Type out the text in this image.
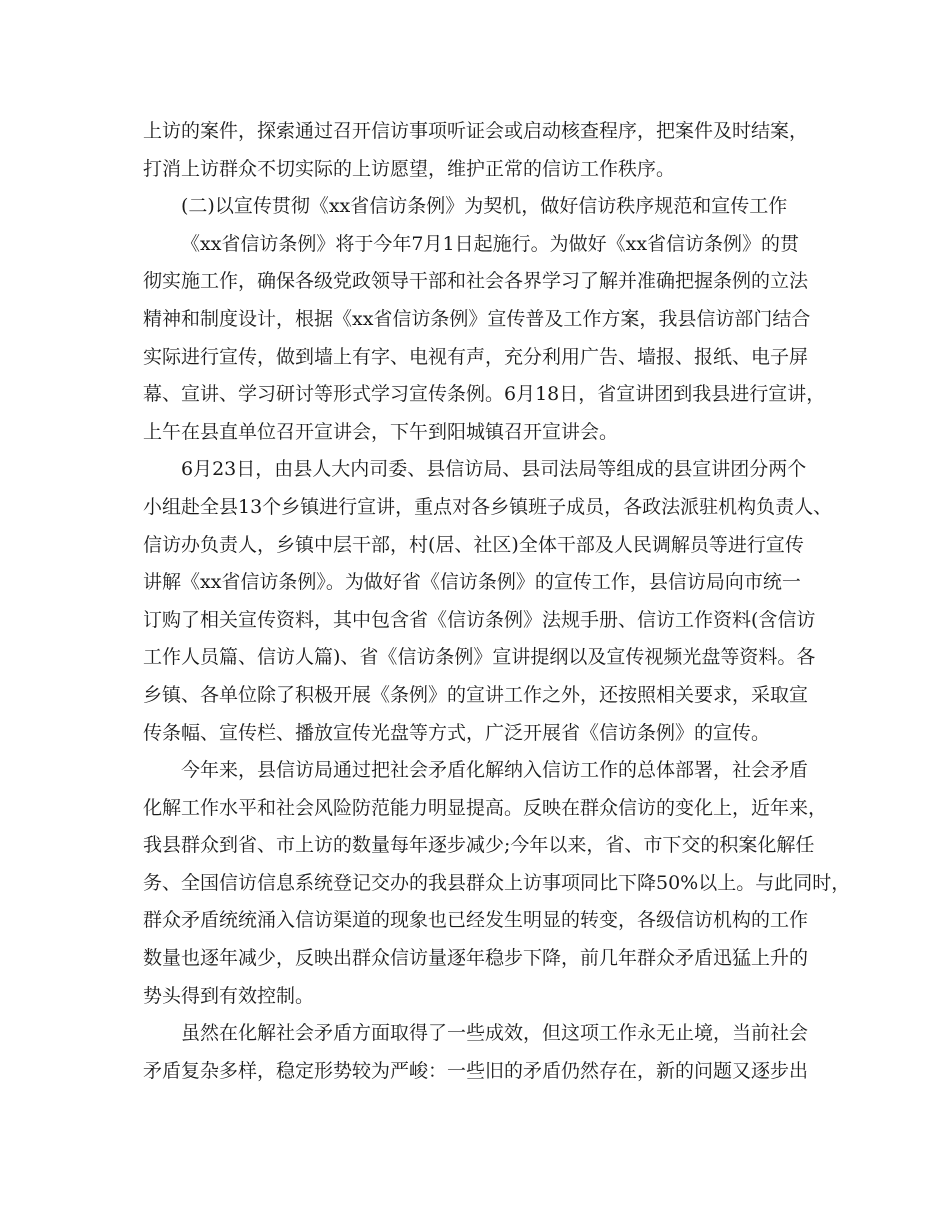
上访的案件，探索通过召开信访事项听证会或启动核查程序，把案件及时结案，
打消上访群众不切实际的上访愿望，维护正常的信访工作秩序。
(二)以宣传贯彻《xx省信访条例》为契机，做好信访秩序规范和宣传工作
《xx省信访条例》将于今年7月1日起施行。为做好《xx省信访条例》的贯
彻实施工作，确保各级党政领导干部和社会各界学习了解并准确把握条例的立法
精神和制度设计，根据《xx省信访条例》宣传普及工作方案，我县信访部门结合
实际进行宣传，做到墙上有字、电视有声，充分利用广告、墙报、报纸、电子屏
幕、宣讲、学习研讨等形式学习宣传条例。6月18日，省宣讲团到我县进行宣讲，
上午在县直单位召开宣讲会，下午到阳城镇召开宣讲会。
6月23日，由县人大内司委、县信访局、县司法局等组成的县宣讲团分两个
小组赴全县13个乡镇进行宣讲，重点对各乡镇班子成员，各政法派驻机构负责人、
信访办负责人，乡镇中层干部，村(居、社区)全体干部及人民调解员等进行宣传
讲解《xx省信访条例》。为做好省《信访条例》的宣传工作，县信访局向市统一
订购了相关宣传资料，其中包含省《信访条例》法规手册、信访工作资料(含信访
工作人员篇、信访人篇)、省《信访条例》宣讲提纲以及宣传视频光盘等资料。各
乡镇、各单位除了积极开展《条例》的宣讲工作之外，还按照相关要求，采取宣
传条幅、宣传栏、播放宣传光盘等方式，广泛开展省《信访条例》的宣传。
今年来，县信访局通过把社会矛盾化解纳入信访工作的总体部署，社会矛盾
化解工作水平和社会风险防范能力明显提高。反映在群众信访的变化上，近年来，
我县群众到省、市上访的数量每年逐步减少;今年以来，省、市下交的积案化解任
务、全国信访信息系统登记交办的我县群众上访事项同比下降50%以上。与此同时，
群众矛盾统统涌入信访渠道的现象也已经发生明显的转变，各级信访机构的工作
数量也逐年减少，反映出群众信访量逐年稳步下降，前几年群众矛盾迅猛上升的
势头得到有效控制。
虽然在化解社会矛盾方面取得了一些成效，但这项工作永无止境，当前社会
矛盾复杂多样，稳定形势较为严峻：一些旧的矛盾仍然存在，新的问题又逐步出
